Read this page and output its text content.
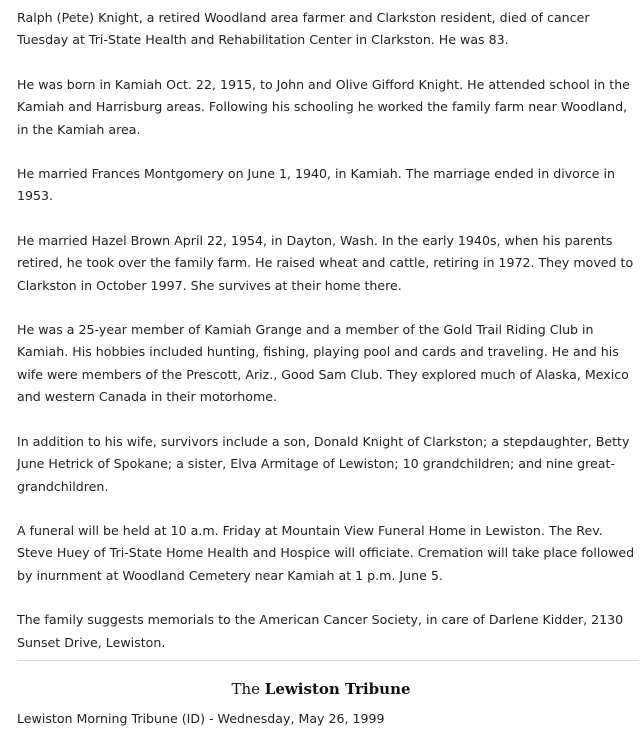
Ralph (Pete) Knight, a retired Woodland area farmer and Clarkston resident, died of cancer Tuesday at Tri-State Health and Rehabilitation Center in Clarkston. He was 83.

He was born in Kamiah Oct. 22, 1915, to John and Olive Gifford Knight. He attended school in the Kamiah and Harrisburg areas. Following his schooling he worked the family farm near Woodland, in the Kamiah area.

He married Frances Montgomery on June 1, 1940, in Kamiah. The marriage ended in divorce in 1953.

He married Hazel Brown April 22, 1954, in Dayton, Wash. In the early 1940s, when his parents retired, he took over the family farm. He raised wheat and cattle, retiring in 1972. They moved to Clarkston in October 1997. She survives at their home there.

He was a 25-year member of Kamiah Grange and a member of the Gold Trail Riding Club in Kamiah. His hobbies included hunting, fishing, playing pool and cards and traveling. He and his wife were members of the Prescott, Ariz., Good Sam Club. They explored much of Alaska, Mexico and western Canada in their motorhome.

In addition to his wife, survivors include a son, Donald Knight of Clarkston; a stepdaughter, Betty June Hetrick of Spokane; a sister, Elva Armitage of Lewiston; 10 grandchildren; and nine great-grandchildren.

A funeral will be held at 10 a.m. Friday at Mountain View Funeral Home in Lewiston. The Rev. Steve Huey of Tri-State Home Health and Hospice will officiate. Cremation will take place followed by inurnment at Woodland Cemetery near Kamiah at 1 p.m. June 5.

The family suggests memorials to the American Cancer Society, in care of Darlene Kidder, 2130 Sunset Drive, Lewiston.

The Lewiston Tribune
Lewiston Morning Tribune (ID) - Wednesday, May 26, 1999
